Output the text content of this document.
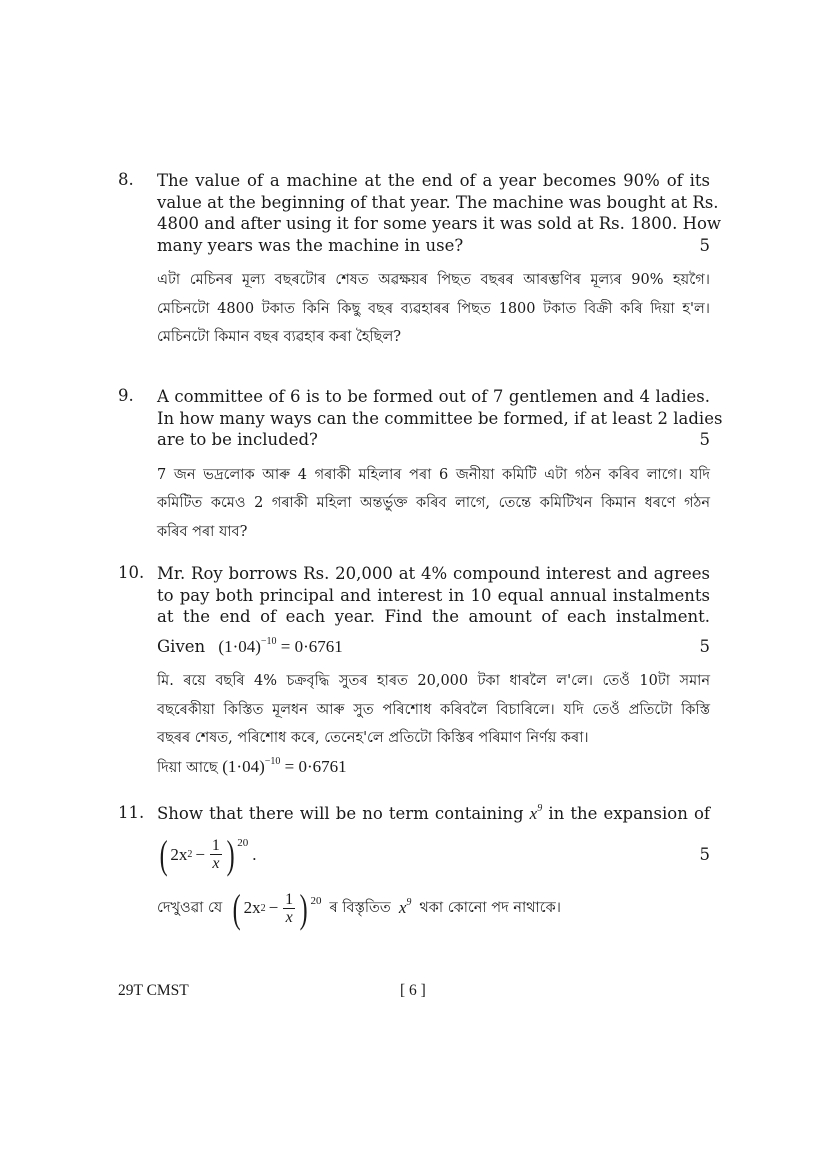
8. The value of a machine at the end of a year becomes 90% of its
value at the beginning of that year. The machine was bought at Rs.
4800 and after using it for some years it was sold at Rs. 1800. How
many years was the machine in use?	5
এটা মেচিনৰ মূল্য বছৰটোৰ শেষত অৱক্ষয়ৰ পিছত বছৰৰ আৰম্ভণিৰ মূল্যৰ 90% হয়গৈ।
মেচিনটো 4800 টকাত কিনি কিছু বছৰ ব্যৱহাৰৰ পিছত 1800 টকাত বিক্ৰী কৰি দিয়া হ'ল।
মেচিনটো কিমান বছৰ ব্যৱহাৰ কৰা হৈছিল?
9. A committee of 6 is to be formed out of 7 gentlemen and 4 ladies.
In how many ways can the committee be formed, if at least 2 ladies
are to be included?	5
7 জন ভদ্ৰলোক আৰু 4 গৰাকী মহিলাৰ পৰা 6 জনীয়া কমিটি এটা গঠন কৰিব লাগে। যদি
কমিটিত কমেও 2 গৰাকী মহিলা অন্তৰ্ভুক্ত কৰিব লাগে, তেন্তে কমিটিখন কিমান ধৰণে গঠন
কৰিব পৰা যাব?
10. Mr. Roy borrows Rs. 20,000 at 4% compound interest and agrees
to pay both principal and interest in 10 equal annual instalments
at the end of each year. Find the amount of each instalment.
Given $(1\cdot 04)^{-10} = 0\cdot 6761$	5
মি. ৰয়ে বছৰি 4% চক্ৰবৃদ্ধি সুতৰ হাৰত 20,000 টকা ধাৰলৈ ল'লে। তেওঁ 10টা সমান
বছৰেকীয়া কিস্তিত মূলধন আৰু সুত পৰিশোধ কৰিবলৈ বিচাৰিলে। যদি তেওঁ প্ৰতিটো কিস্তি
বছৰৰ শেষত, পৰিশোধ কৰে, তেনেহ'লে প্ৰতিটো কিস্তিৰ পৰিমাণ নিৰ্ণয় কৰা।
দিয়া আছে $(1\cdot 04)^{-10} = 0\cdot 6761$
11. Show that there will be no term containing $x^9$ in the expansion of
( 2x $2 - \frac{1}{x}$ ) 20
.	5
দেখুওৱা যে ( 2x $2 - \frac{1}{x}$ ) 20 ৰ বিস্তৃতিত $x^9$ থকা কোনো পদ নাথাকে।
29T CMST	[ 6 ]
